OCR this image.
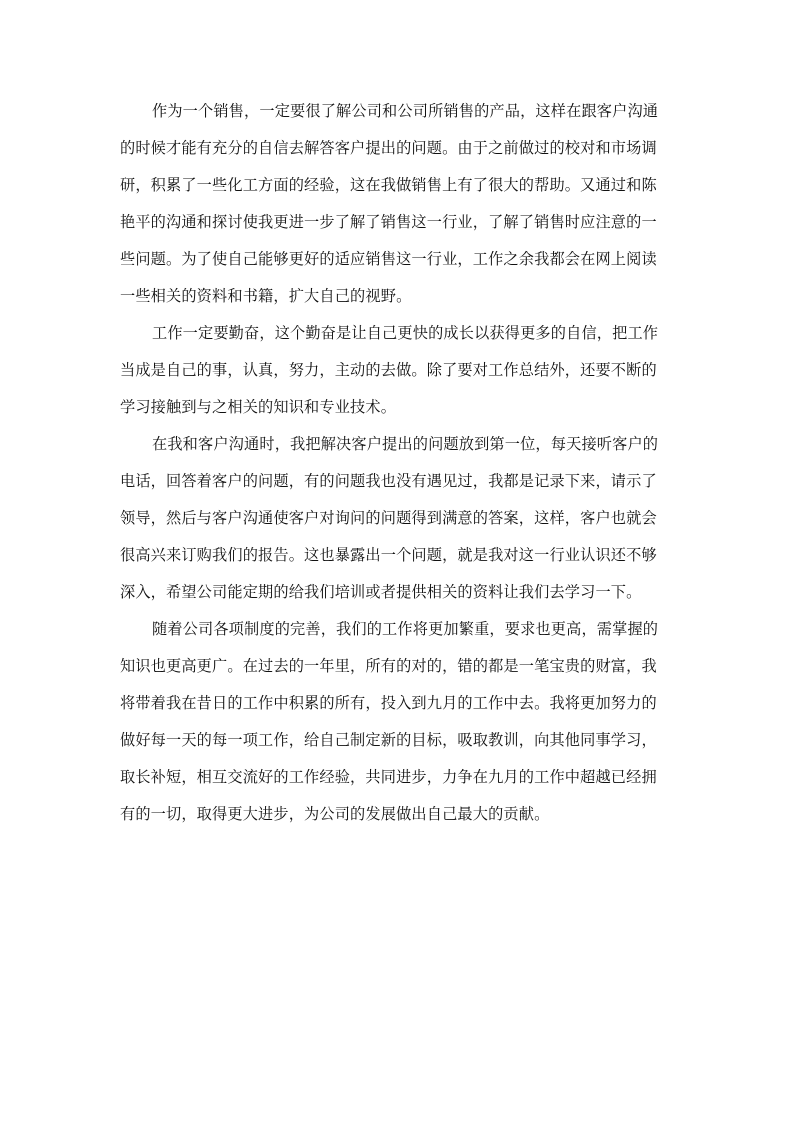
作为一个销售，一定要很了解公司和公司所销售的产品，这样在跟客户沟通
的时候才能有充分的自信去解答客户提出的问题。由于之前做过的校对和市场调
研，积累了一些化工方面的经验，这在我做销售上有了很大的帮助。又通过和陈
艳平的沟通和探讨使我更进一步了解了销售这一行业，了解了销售时应注意的一
些问题。为了使自己能够更好的适应销售这一行业，工作之余我都会在网上阅读
一些相关的资料和书籍，扩大自己的视野。
工作一定要勤奋，这个勤奋是让自己更快的成长以获得更多的自信，把工作
当成是自己的事，认真，努力，主动的去做。除了要对工作总结外，还要不断的
学习接触到与之相关的知识和专业技术。
在我和客户沟通时，我把解决客户提出的问题放到第一位，每天接听客户的
电话，回答着客户的问题，有的问题我也没有遇见过，我都是记录下来，请示了
领导，然后与客户沟通使客户对询问的问题得到满意的答案，这样，客户也就会
很高兴来订购我们的报告。这也暴露出一个问题，就是我对这一行业认识还不够
深入，希望公司能定期的给我们培训或者提供相关的资料让我们去学习一下。
随着公司各项制度的完善，我们的工作将更加繁重，要求也更高，需掌握的
知识也更高更广。在过去的一年里，所有的对的，错的都是一笔宝贵的财富，我
将带着我在昔日的工作中积累的所有，投入到九月的工作中去。我将更加努力的
做好每一天的每一项工作，给自己制定新的目标，吸取教训，向其他同事学习，
取长补短，相互交流好的工作经验，共同进步，力争在九月的工作中超越已经拥
有的一切，取得更大进步，为公司的发展做出自己最大的贡献。
